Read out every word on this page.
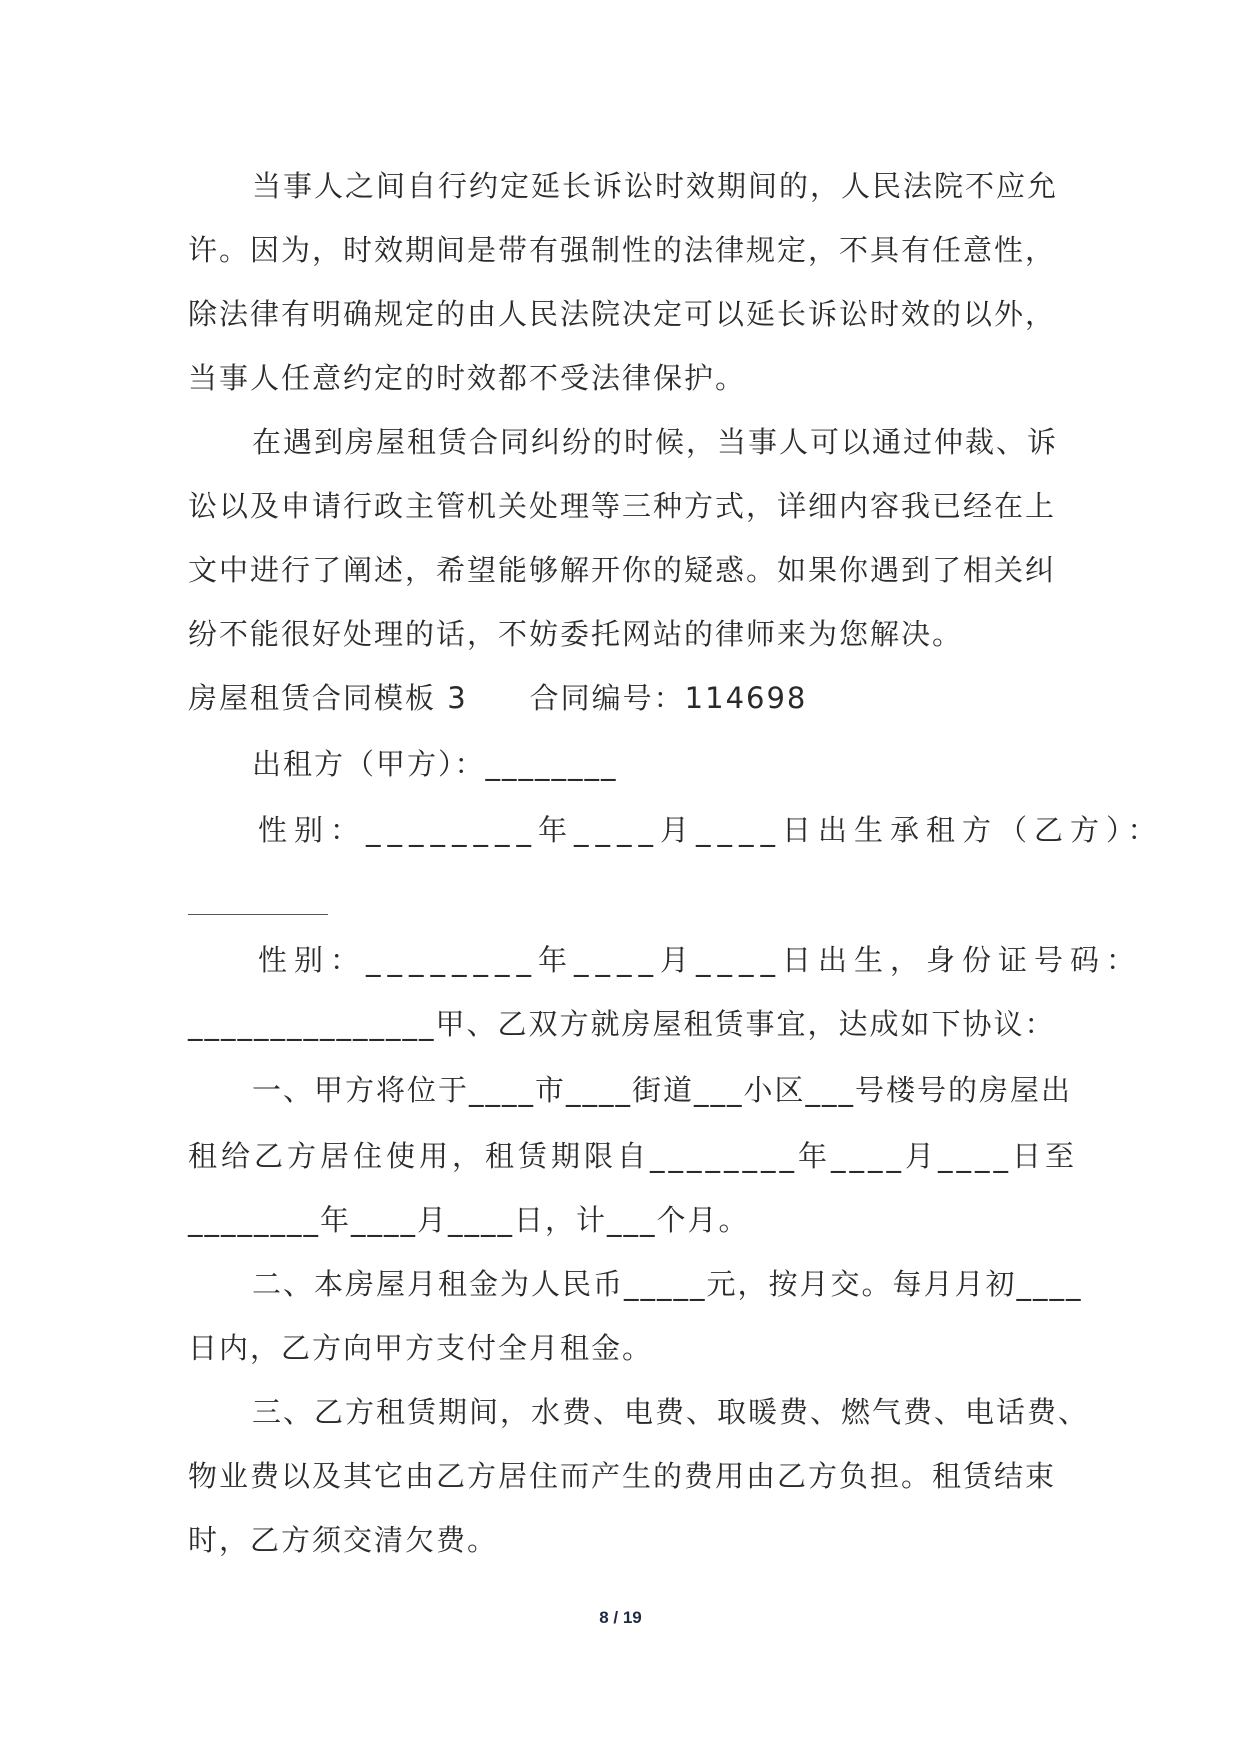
当事人之间自行约定延长诉讼时效期间的，人民法院不应允
许。因为，时效期间是带有强制性的法律规定，不具有任意性，
除法律有明确规定的由人民法院决定可以延长诉讼时效的以外，
当事人任意约定的时效都不受法律保护。
在遇到房屋租赁合同纠纷的时候，当事人可以通过仲裁、诉
讼以及申请行政主管机关处理等三种方式，详细内容我已经在上
文中进行了阐述，希望能够解开你的疑惑。如果你遇到了相关纠
纷不能很好处理的话，不妨委托网站的律师来为您解决。
房屋租赁合同模板 3　　合同编号：114698
出租方（甲方）：________
性别：________年____月____日出生承租方（乙方）：
性别：________年____月____日出生，身份证号码：
_______________甲、乙双方就房屋租赁事宜，达成如下协议：
一、甲方将位于____市____街道___小区___号楼号的房屋出
租给乙方居住使用，租赁期限自________年____月____日至
________年____月____日，计___个月。
二、本房屋月租金为人民币_____元，按月交。每月月初____
日内，乙方向甲方支付全月租金。
三、乙方租赁期间，水费、电费、取暖费、燃气费、电话费、
物业费以及其它由乙方居住而产生的费用由乙方负担。租赁结束
时，乙方须交清欠费。
8 / 19
